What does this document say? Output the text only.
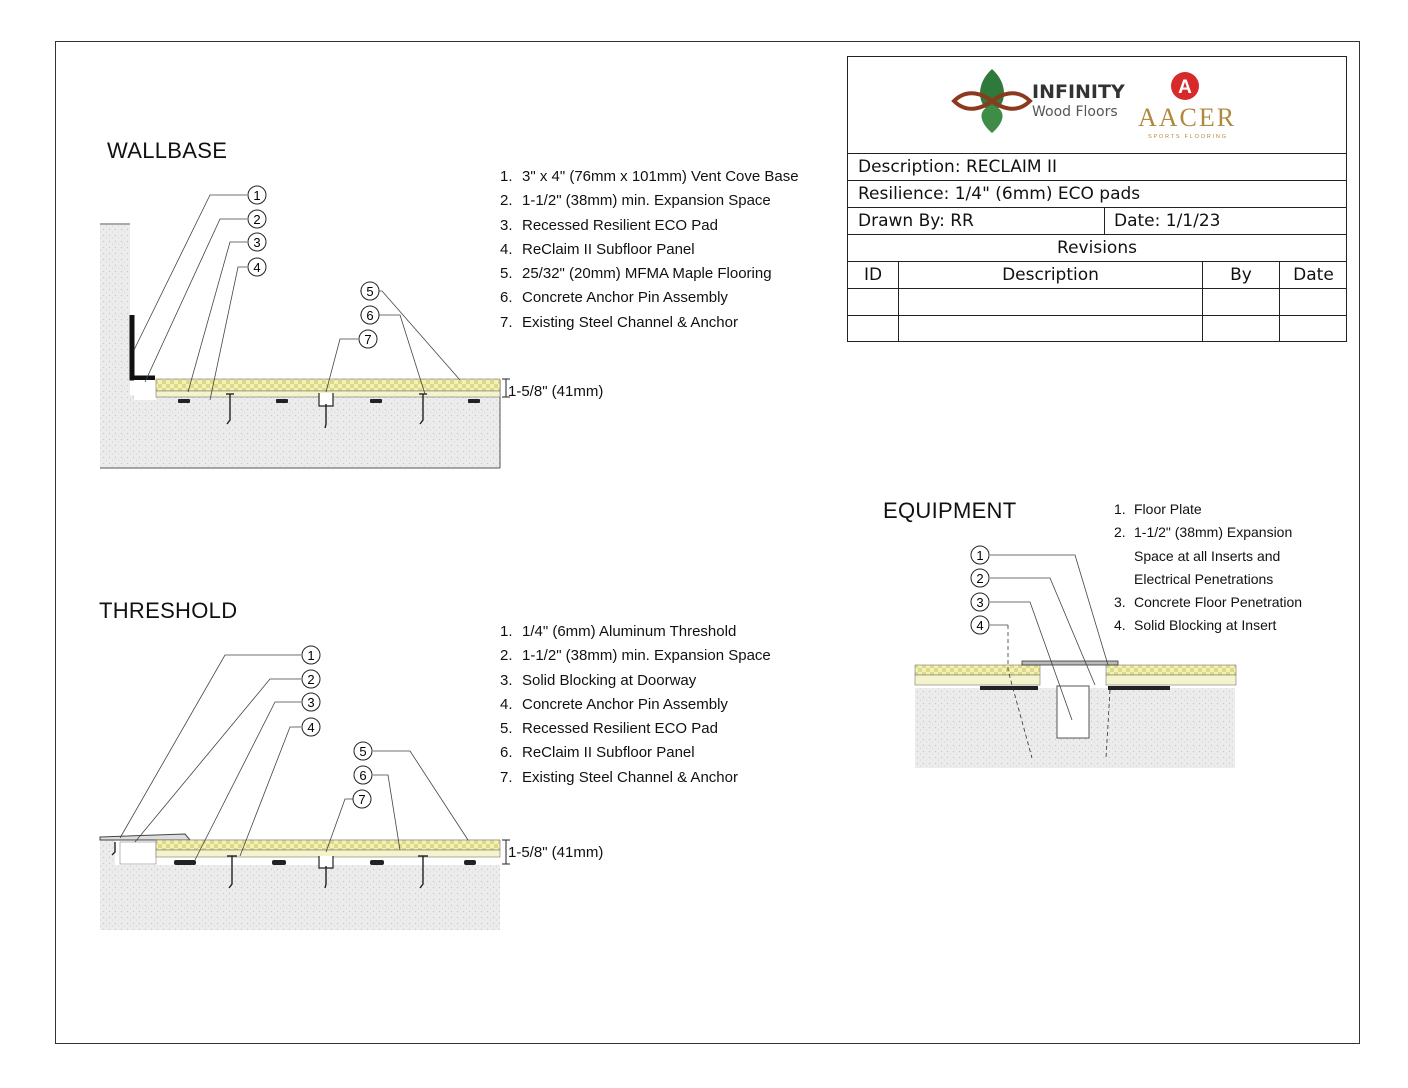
WALLBASE
1. 3" x 4" (76mm x 101mm) Vent Cove Base
2. 1-1/2" (38mm) min. Expansion Space
3. Recessed Resilient ECO Pad
4. ReClaim II Subfloor Panel
5. 25/32" (20mm) MFMA Maple Flooring
6. Concrete Anchor Pin Assembly
7. Existing Steel Channel & Anchor
1
2
3
4
5
6
7
1-5/8" (41mm)
THRESHOLD
1. 1/4" (6mm) Aluminum Threshold
2. 1-1/2" (38mm) min. Expansion Space
3. Solid Blocking at Doorway
4. Concrete Anchor Pin Assembly
5. Recessed Resilient ECO Pad
6. ReClaim II Subfloor Panel
7. Existing Steel Channel & Anchor
1
2
3
4
5
6
7
1-5/8" (41mm)
EQUIPMENT	1. Floor Plate
2. 1-1/2" (38mm) Expansion
Space at all Inserts and
Electrical Penetrations
3. Concrete Floor Penetration
4. Solid Blocking at Insert
1
2
3
4
INFINITY
Wood Floors
A
AACER
SPORTS FLOORING
Description: RECLAIM II
Resilience: 1/4" (6mm) ECO pads
Drawn By: RR	Date: 1/1/23
Revisions
ID	Description	By	Date
